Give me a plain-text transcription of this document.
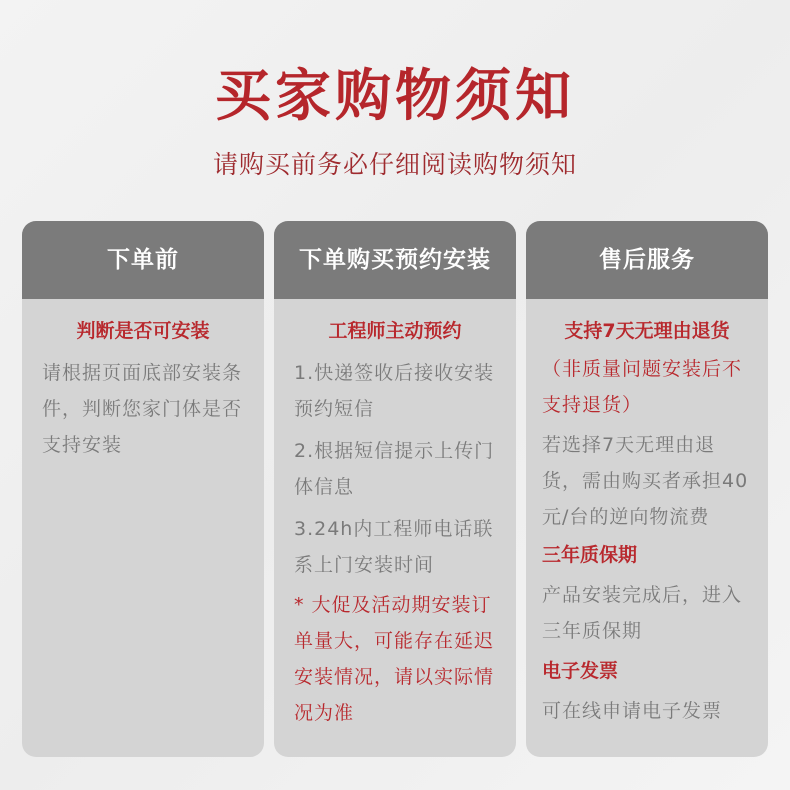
买家购物须知
请购买前务必仔细阅读购物须知
下单前
判断是否可安装
请根据页面底部安装条件，判断您家门体是否支持安装
下单购买预约安装
工程师主动预约
1.快递签收后接收安装预约短信
2.根据短信提示上传门体信息
3.24h内工程师电话联系上门安装时间
* 大促及活动期安装订单量大，可能存在延迟安装情况，请以实际情况为准
售后服务
支持7天无理由退货
（非质量问题安装后不支持退货）
若选择7天无理由退货，需由购买者承担40元/台的逆向物流费
三年质保期
产品安装完成后，进入三年质保期
电子发票
可在线申请电子发票
